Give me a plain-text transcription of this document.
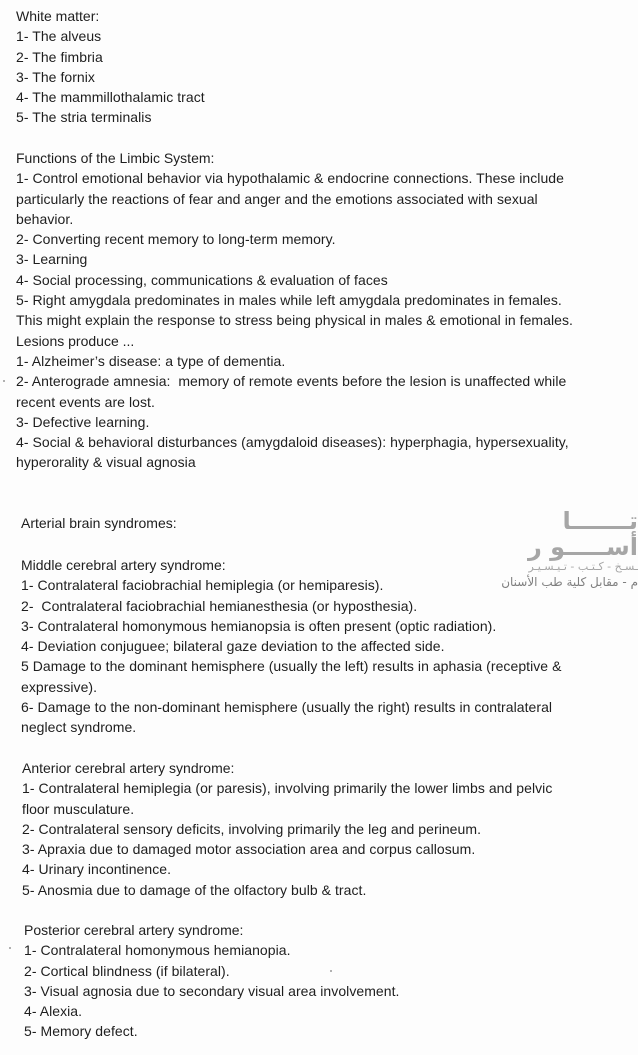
White matter:

1- The alveus

2- The fimbria

3- The fornix

4- The mammillothalamic tract

5- The stria terminalis

Functions of the Limbic System:

1- Control emotional behavior via hypothalamic & endocrine connections. These include

particularly the reactions of fear and anger and the emotions associated with sexual

behavior.

2- Converting recent memory to long-term memory.

3- Learning

4- Social processing, communications & evaluation of faces

5- Right amygdala predominates in males while left amygdala predominates in females.

This might explain the response to stress being physical in males & emotional in females.

Lesions produce ...

1- Alzheimer’s disease: a type of dementia.

2- Anterograde amnesia:  memory of remote events before the lesion is unaffected while

recent events are lost.

3- Defective learning.

4- Social & behavioral disturbances (amygdaloid diseases): hyperphagia, hypersexuality,

hyperorality & visual agnosia

Arterial brain syndromes:	تـــــــا أســـــو ر
ـسـخ - كـتـب - تـيـسـيـر
م - مقابل كلية طب الأسنان

Middle cerebral artery syndrome:

1- Contralateral faciobrachial hemiplegia (or hemiparesis).

2-  Contralateral faciobrachial hemianesthesia (or hyposthesia).

3- Contralateral homonymous hemianopsia is often present (optic radiation).

4- Deviation conjuguee; bilateral gaze deviation to the affected side.

5 Damage to the dominant hemisphere (usually the left) results in aphasia (receptive &

expressive).

6- Damage to the non-dominant hemisphere (usually the right) results in contralateral

neglect syndrome.

Anterior cerebral artery syndrome:

1- Contralateral hemiplegia (or paresis), involving primarily the lower limbs and pelvic

floor musculature.

2- Contralateral sensory deficits, involving primarily the leg and perineum.

3- Apraxia due to damaged motor association area and corpus callosum.

4- Urinary incontinence.

5- Anosmia due to damage of the olfactory bulb & tract.

Posterior cerebral artery syndrome:

1- Contralateral homonymous hemianopia.

2- Cortical blindness (if bilateral).

3- Visual agnosia due to secondary visual area involvement.

4- Alexia.

5- Memory defect.
